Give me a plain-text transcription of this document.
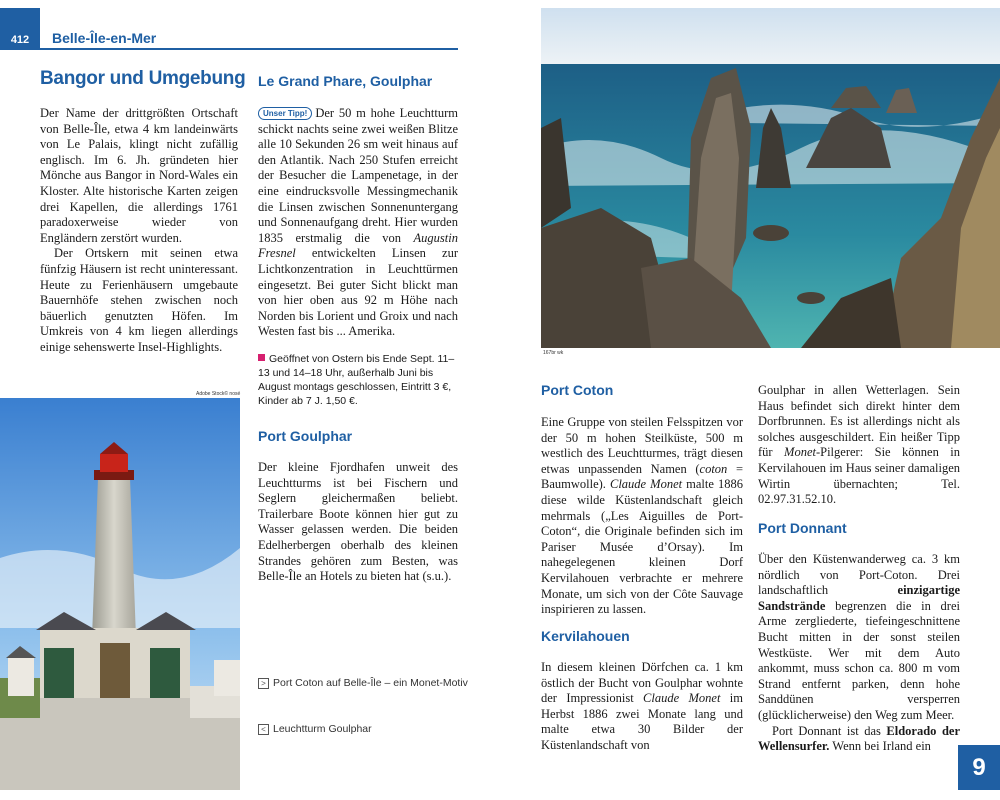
412	Belle-Île-en-Mer
Bangor und Umgebung

Der Name der drittgrößten Ortschaft von Belle-Île, etwa 4 km landeinwärts von Le Palais, klingt nicht zufällig englisch. Im 6. Jh. gründeten hier Mönche aus Bangor in Nord-Wales ein Kloster. Alte historische Karten zeigen drei Kapellen, die allerdings 1761 paradoxerweise wieder von Engländern zerstört wurden.

Der Ortskern mit seinen etwa fünfzig Häusern ist recht uninteressant. Heute zu Ferienhäusern umgebaute Bauernhöfe stehen zwischen noch bäuerlich genutzten Höfen. Im Umkreis von 4 km liegen allerdings einige sehenswerte Insel-Highlights.

Adobe Stock© nosé
Le Grand Phare, Goulphar

Unser Tipp! Der 50 m hohe Leuchtturm schickt nachts seine zwei weißen Blitze alle 10 Sekunden 26 sm weit hinaus auf den Atlantik. Nach 250 Stufen erreicht der Besucher die Lampenetage, in der eine eindrucksvolle Messingmechanik die Linsen zwischen Sonnenuntergang und Sonnenaufgang dreht. Hier wurden 1835 erstmalig die von Augustin Fresnel entwickelten Linsen zur Lichtkonzentration in Leuchttürmen eingesetzt. Bei guter Sicht blickt man von hier oben aus 92 m Höhe nach Norden bis Lorient und Groix und nach Westen fast bis ... Amerika.

Geöffnet von Ostern bis Ende Sept. 11–13 und 14–18 Uhr, außerhalb Juni bis August montags geschlossen, Eintritt 3 €, Kinder ab 7 J. 1,50 €.
Port Goulphar

Der kleine Fjordhafen unweit des Leuchtturms ist bei Fischern und Seglern gleichermaßen beliebt. Trailerbare Boote können hier gut zu Wasser gelassen werden. Die beiden Edelherbergen oberhalb des kleinen Strandes gehören zum Besten, was Belle-Île an Hotels zu bieten hat (s.u.).

> Port Coton auf Belle-Île – ein Monet-Motiv
< Leuchtturm Goulphar
167br wk
Port Coton

Eine Gruppe von steilen Felsspitzen vor der 50 m hohen Steilküste, 500 m westlich des Leuchtturmes, trägt diesen etwas unpassenden Namen (coton = Baumwolle). Claude Monet malte 1886 diese wilde Küstenlandschaft gleich mehrmals („Les Aiguilles de Port-Coton“, die Originale befinden sich im Pariser Musée d’Orsay). Im nahegelegenen kleinen Dorf Kervilahouen verbrachte er mehrere Monate, um sich von der Côte Sauvage inspirieren zu lassen.

Kervilahouen

In diesem kleinen Dörfchen ca. 1 km östlich der Bucht von Goulphar wohnte der Impressionist Claude Monet im Herbst 1886 zwei Monate lang und malte etwa 30 Bilder der Küstenlandschaft von

Goulphar in allen Wetterlagen. Sein Haus befindet sich direkt hinter dem Dorfbrunnen. Es ist allerdings nicht als solches ausgeschildert. Ein heißer Tipp für Monet-Pilgerer: Sie können in Kervilahouen im Haus seiner damaligen Wirtin übernachten; Tel. 02.97.31.52.10.

Port Donnant

Über den Küstenwanderweg ca. 3 km nördlich von Port-Coton. Drei landschaftlich einzigartige Sandstrände begrenzen die in drei Arme zergliederte, tiefeingeschnittene Bucht mitten in der sonst steilen Westküste. Wer mit dem Auto ankommt, muss schon ca. 800 m vom Strand entfernt parken, denn hohe Sanddünen versperren (glücklicherweise) den Weg zum Meer.

Port Donnant ist das Eldorado der Wellensurfer. Wenn bei Irland ein

9
